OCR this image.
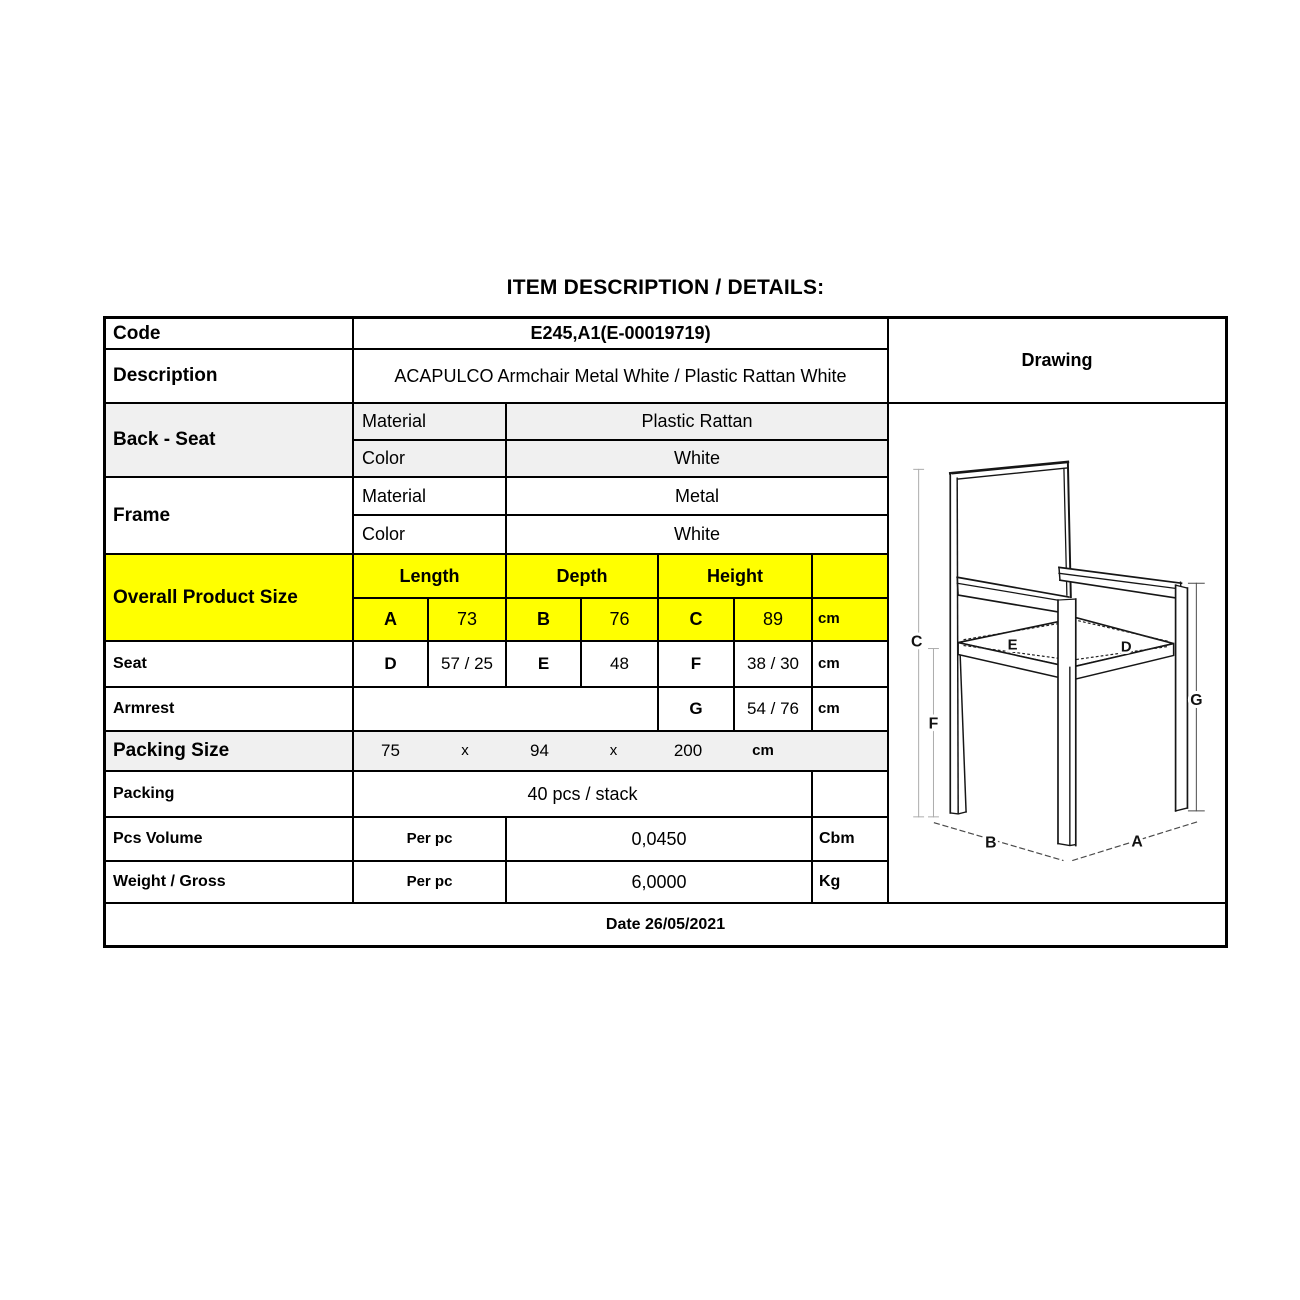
ITEM DESCRIPTION / DETAILS:
Code	E245,A1(E-00019719)
Drawing
Description	ACAPULCO Armchair Metal White / Plastic Rattan White
Back - Seat
Material	Plastic Rattan
Color	White
C
F
G
B	A
E	D
Frame
Material	Metal
Color	White
Overall Product Size
Length	Depth	Height
A	73	B	76	C	89	cm
Seat	D	57 / 25	E	48	F	38 / 30	cm
Armrest	G	54 / 76	cm
Packing Size	75	x	94	x	200	cm
Packing	40 pcs / stack
Pcs Volume	Per pc	0,0450	Cbm
Weight / Gross	Per pc	6,0000	Kg
Date 26/05/2021
